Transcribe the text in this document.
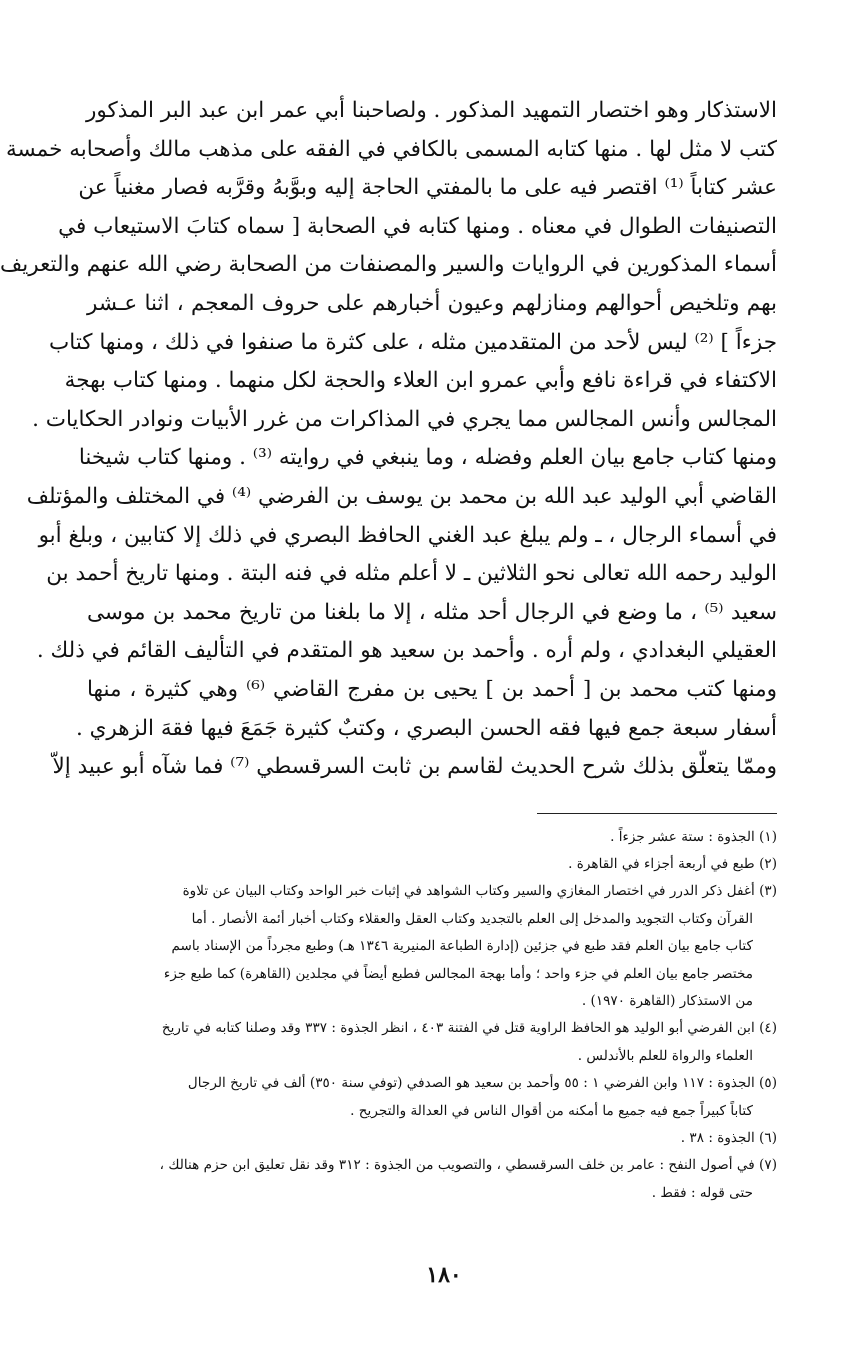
الاستذكار وهو اختصار التمهيد المذكور . ولصاحبنا أبي عمر ابن عبد البر المذكور
كتب لا مثل لها . منها كتابه المسمى بالكافي في الفقه على مذهب مالك وأصحابه خمسة
عشر كتاباً ⁽¹⁾ اقتصر فيه على ما بالمفتي الحاجة إليه وبوَّبهُ وقرَّبه فصار مغنياً عن
التصنيفات الطوال في معناه . ومنها كتابه في الصحابة [ سماه كتابَ الاستيعاب في
أسماء المذكورين في الروايات والسير والمصنفات من الصحابة رضي الله عنهم والتعريف
بهم وتلخيص أحوالهم ومنازلهم وعيون أخبارهم على حروف المعجم ، اثنا عـشر
جزءاً ] ⁽²⁾ ليس لأحد من المتقدمين مثله ، على كثرة ما صنفوا في ذلك ، ومنها كتاب
الاكتفاء في قراءة نافع وأبي عمرو ابن العلاء والحجة لكل منهما . ومنها كتاب بهجة
المجالس وأنس المجالس مما يجري في المذاكرات من غرر الأبيات ونوادر الحكايات .
ومنها كتاب جامع بيان العلم وفضله ، وما ينبغي في روايته ⁽³⁾ . ومنها كتاب شيخنا
القاضي أبي الوليد عبد الله بن محمد بن يوسف بن الفرضي ⁽⁴⁾ في المختلف والمؤتلف
في أسماء الرجال ، ـ ولم يبلغ عبد الغني الحافظ البصري في ذلك إلا كتابين ، وبلغ أبو
الوليد رحمه الله تعالى نحو الثلاثين ـ لا أعلم مثله في فنه البتة . ومنها تاريخ أحمد بن
سعيد ⁽⁵⁾ ، ما وضع في الرجال أحد مثله ، إلا ما بلغنا من تاريخ محمد بن موسى
العقيلي البغدادي ، ولم أره . وأحمد بن سعيد هو المتقدم في التأليف القائم في ذلك .
ومنها كتب محمد بن [ أحمد بن ] يحيى بن مفرج القاضي ⁽⁶⁾ وهي كثيرة ، منها
أسفار سبعة جمع فيها فقه الحسن البصري ، وكتبٌ كثيرة جَمَعَ فيها فقهَ الزهري .
وممّا يتعلّق بذلك شرح الحديث لقاسم بن ثابت السرقسطي ⁽⁷⁾ فما شآه أبو عبيد إلاّ
(١) الجذوة : ستة عشر جزءاً .
(٢) طبع في أربعة أجزاء في القاهرة .
(٣) أغفل ذكر الدرر في اختصار المغازي والسير وكتاب الشواهد في إثبات خبر الواحد وكتاب البيان عن تلاوة
القرآن وكتاب التجويد والمدخل إلى العلم بالتجديد وكتاب العقل والعقلاء وكتاب أخبار أئمة الأنصار . أما
كتاب جامع بيان العلم فقد طبع في جزئين (إدارة الطباعة المنيرية ١٣٤٦ هـ) وطبع مجرداً من الإسناد باسم
مختصر جامع بيان العلم في جزء واحد ؛ وأما بهجة المجالس فطبع أيضاً في مجلدين (القاهرة) كما طبع جزء
من الاستذكار (القاهرة ١٩٧٠) .
(٤) ابن الفرضي أبو الوليد هو الحافظ الراوية قتل في الفتنة ٤٠٣ ، انظر الجذوة : ٣٣٧ وقد وصلنا كتابه في تاريخ
العلماء والرواة للعلم بالأندلس .
(٥) الجذوة : ١١٧ وابن الفرضي ١ : ٥٥ وأحمد بن سعيد هو الصدفي (توفي سنة ٣٥٠) ألف في تاريخ الرجال
كتاباً كبيراً جمع فيه جميع ما أمكنه من أقوال الناس في العدالة والتجريح .
(٦) الجذوة : ٣٨ .
(٧) في أصول النفح : عامر بن خلف السرقسطي ، والتصويب من الجذوة : ٣١٢ وقد نقل تعليق ابن حزم هنالك ،
حتى قوله : فقط .
١٨٠
